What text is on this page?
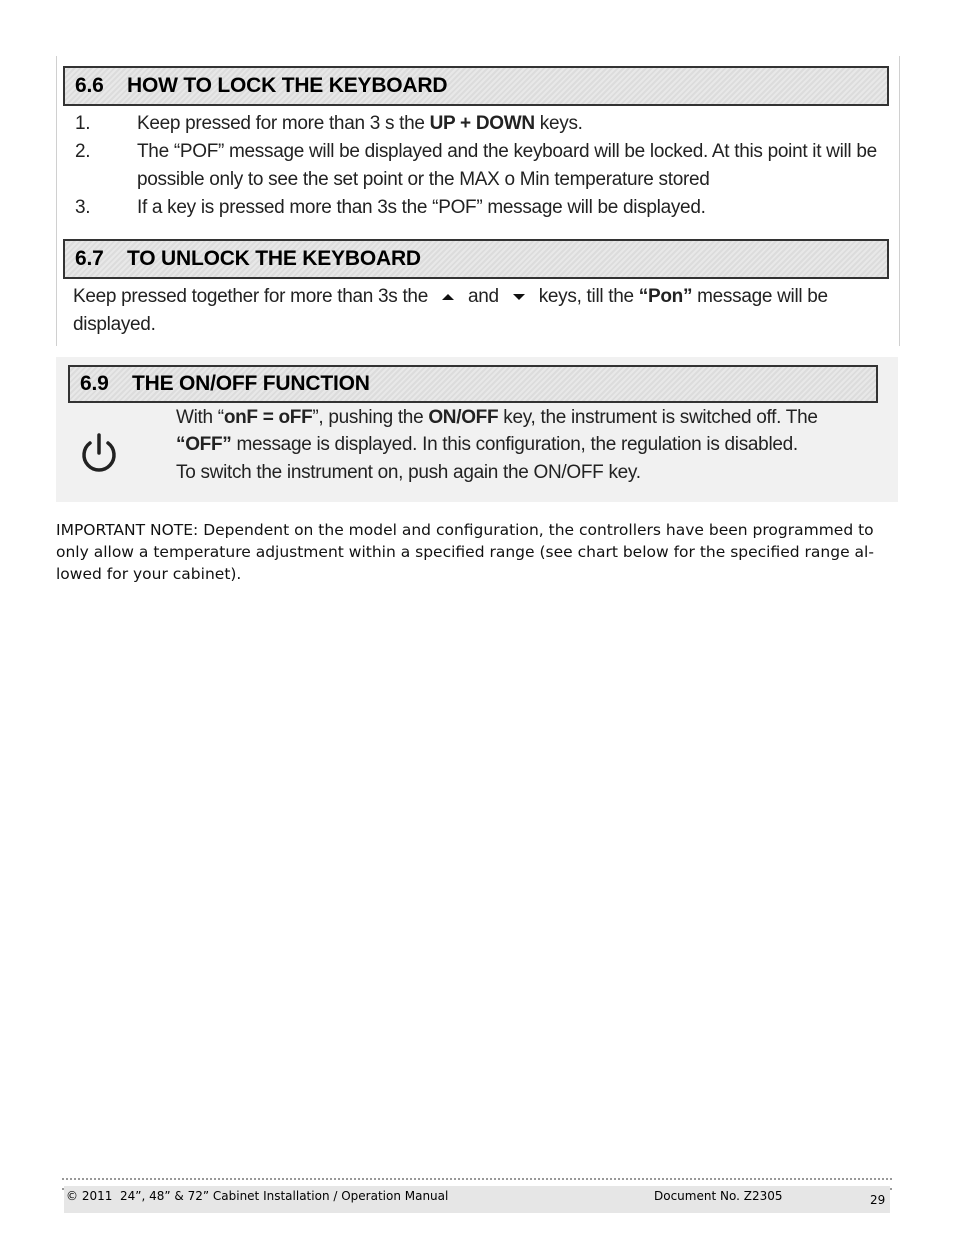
6.6 HOW TO LOCK THE KEYBOARD
1. Keep pressed for more than 3 s the UP + DOWN keys.
2. The “POF” message will be displayed and the keyboard will be locked. At this point it will be possible only to see the set point or the MAX o Min temperature stored
3. If a key is pressed more than 3s the “POF” message will be displayed.
6.7 TO UNLOCK THE KEYBOARD
Keep pressed together for more than 3s the and keys, till the “Pon” message will be displayed.
6.9 THE ON/OFF FUNCTION
With “onF = oFF”, pushing the ON/OFF key, the instrument is switched off. The
“OFF” message is displayed. In this configuration, the regulation is disabled.
To switch the instrument on, push again the ON/OFF key.
IMPORTANT NOTE: Dependent on the model and configuration, the controllers have been programmed to only allow a temperature adjustment within a specified range (see chart below for the specified range al- lowed for your cabinet).
© 2011 24”, 48” & 72” Cabinet Installation / Operation Manual	Document No. Z2305	29
